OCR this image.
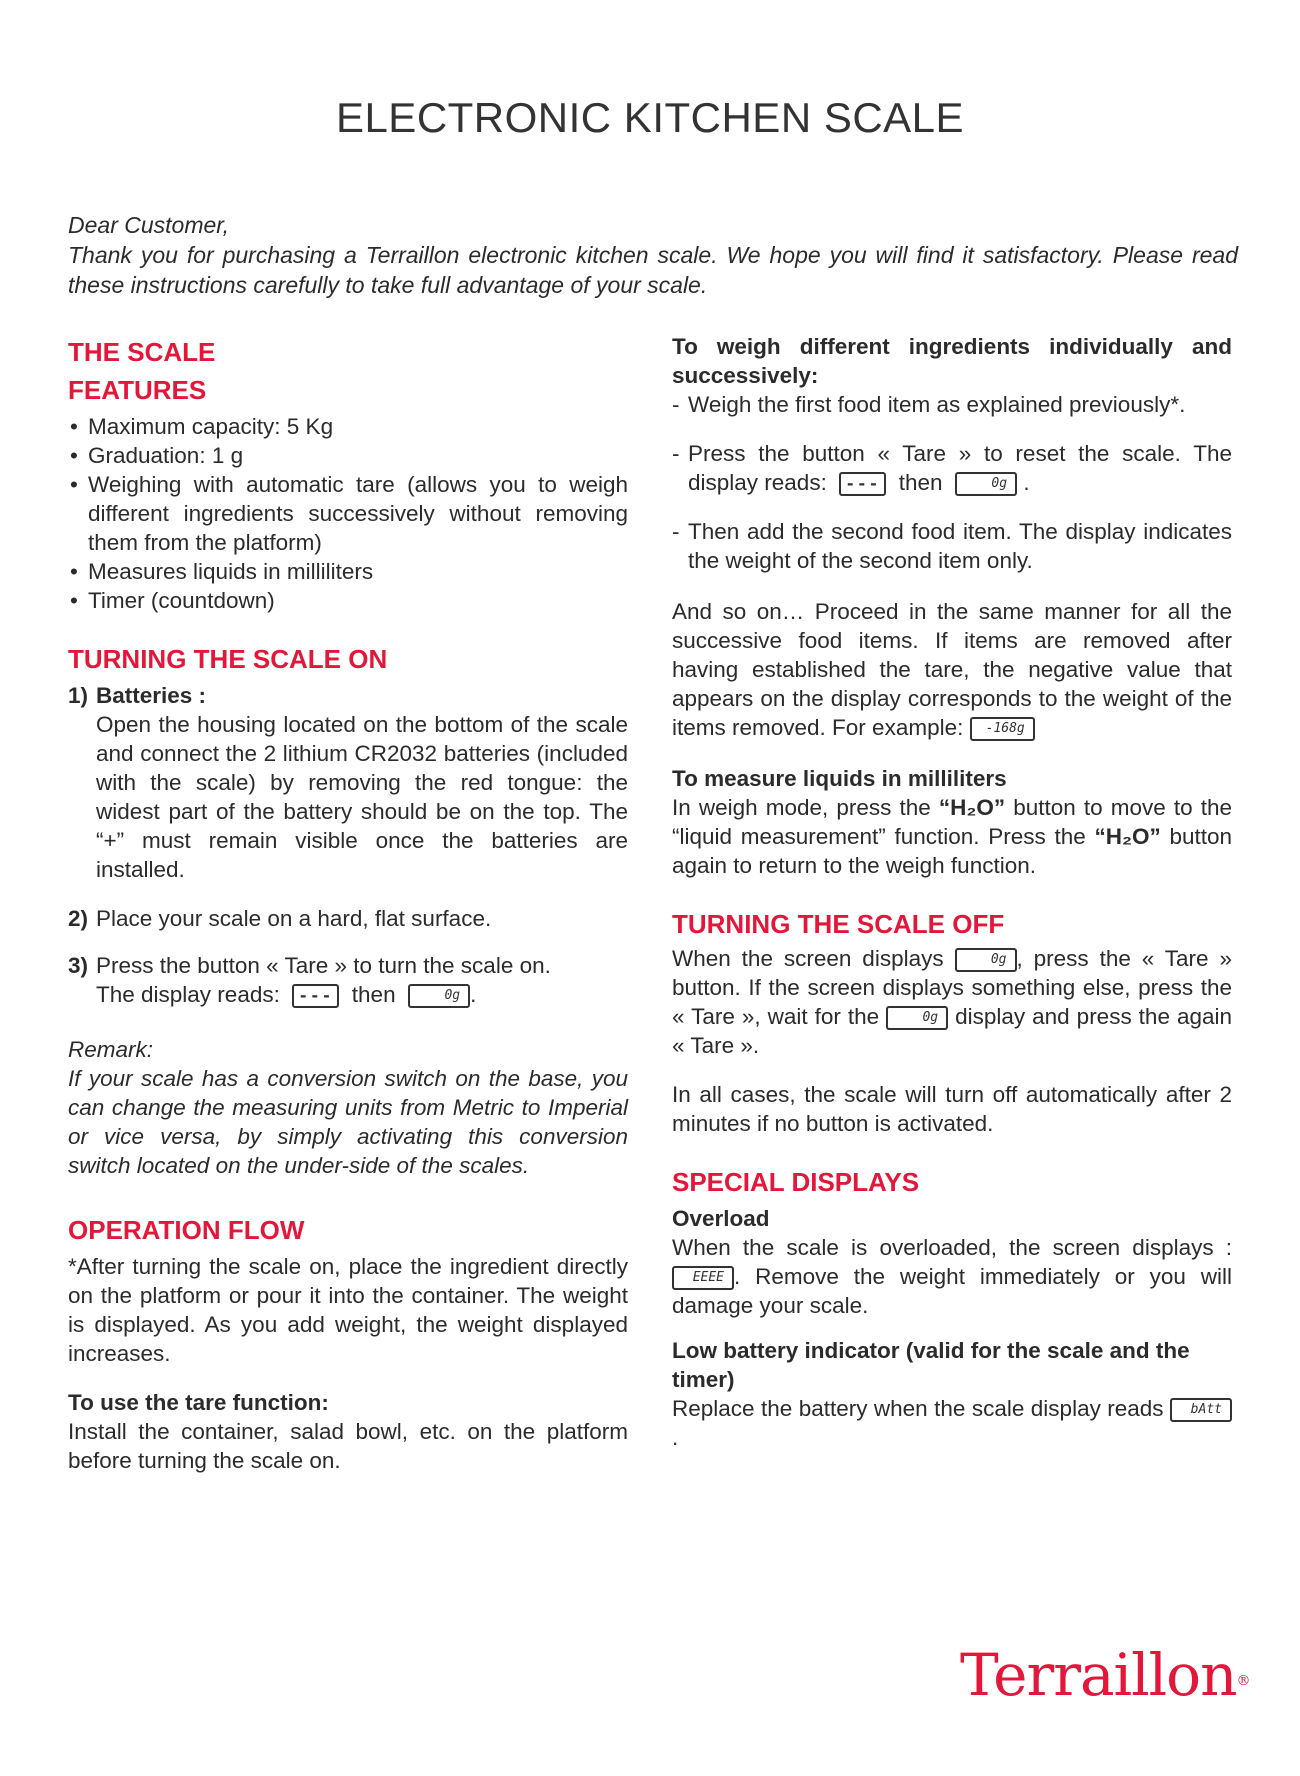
ELECTRONIC KITCHEN SCALE

Dear Customer,

Thank you for purchasing a Terraillon electronic kitchen scale. We hope you will find it satisfactory. Please read these instructions carefully to take full advantage of your scale.

THE SCALE
FEATURES
• Maximum capacity: 5 Kg
• Graduation: 1 g
• Weighing with automatic tare (allows you to weigh different ingredients successively without removing them from the platform)
• Measures liquids in milliliters
• Timer (countdown)
TURNING THE SCALE ON
1) Batteries :
Open the housing located on the bottom of the scale and connect the 2 lithium CR2032 batteries (included with the scale) by removing the red tongue: the widest part of the battery should be on the top. The “+” must remain visible once the batteries are installed.
2) Place your scale on a hard, flat surface.
3) Press the button « Tare » to turn the scale on.
The display reads: --- then	0g .

Remark:

If your scale has a conversion switch on the base, you can change the measuring units from Metric to Imperial or vice versa, by simply activating this conversion switch located on the under-side of the scales.

OPERATION FLOW

*After turning the scale on, place the ingredient directly on the platform or pour it into the container. The weight is displayed. As you add weight, the weight displayed increases.

To use the tare function:

Install the container, salad bowl, etc. on the platform before turning the scale on.

To weigh different ingredients individually and successively:
- Weigh the first food item as explained previously*.
- Press the button « Tare » to reset the scale. The display reads: --- then	0g .
- Then add the second food item. The display indicates the weight of the second item only.

And so on… Proceed in the same manner for all the successive food items. If items are removed after having established the tare, the negative value that appears on the display corresponds to the weight of the items removed. For example: -168g

To measure liquids in milliliters

In weigh mode, press the “H₂O” button to move to the “liquid measurement” function. Press the “H₂O” button again to return to the weigh function.

TURNING THE SCALE OFF

When the screen displays	0g , press the « Tare » button. If the screen displays something else, press the « Tare », wait for the	0g display and press the again « Tare ».

In all cases, the scale will turn off automatically after 2 minutes if no button is activated.

SPECIAL DISPLAYS
Overload

When the scale is overloaded, the screen displays : EEEE . Remove the weight immediately or you will damage your scale.

Low battery indicator (valid for the scale and the timer)

Replace the battery when the scale display reads bAtt .

Terraillon®
